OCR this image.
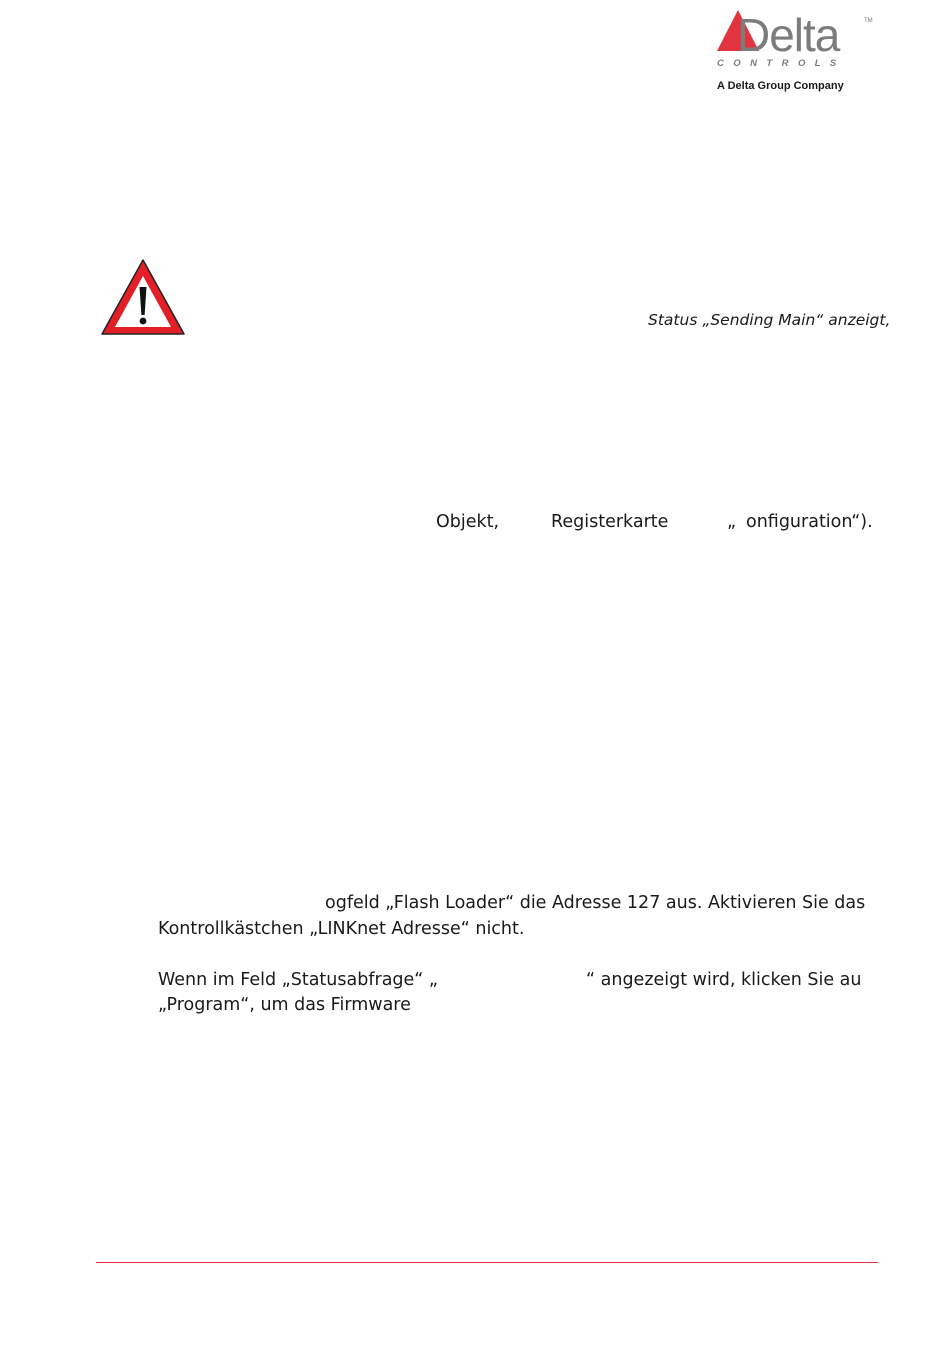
Delta	TM
C O N T R O L S
A Delta Group Company
Status „Sending Main“ anzeigt,
Objekt,	Registerkarte	„ onfiguration“).
ogfeld „Flash Loader“ die Adresse 127 aus. Aktivieren Sie das
Kontrollkästchen „LINKnet Adresse“ nicht.
Wenn im Feld „Statusabfrage“ „	“ angezeigt wird, klicken Sie au
„Program“, um das Firmware
